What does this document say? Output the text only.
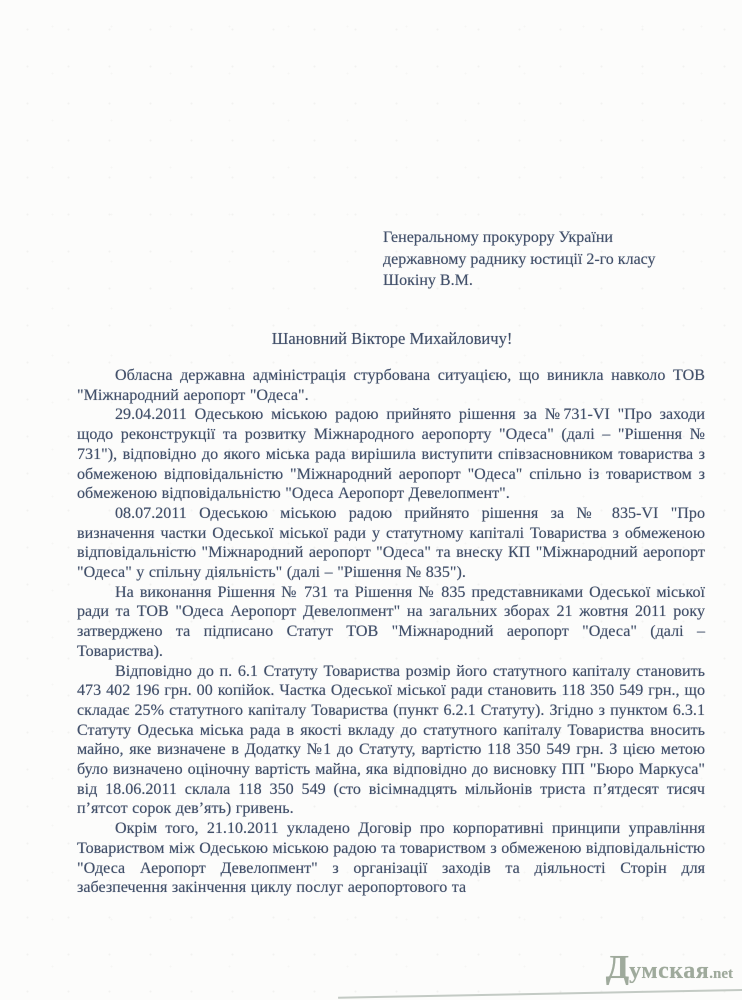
Генеральному прокурору України
державному раднику юстиції 2-го класу
Шокіну В.М.
Шановний Вікторе Михайловичу!

Обласна державна адміністрація стурбована ситуацією, що виникла навколо ТОВ "Міжнародний аеропорт "Одеса".

29.04.2011 Одеською міською радою прийнято рішення за №731-VI "Про заходи щодо реконструкції та розвитку Міжнародного аеропорту "Одеса" (далі – "Рішення № 731"), відповідно до якого міська рада вирішила виступити співзасновником товариства з обмеженою відповідальністю "Міжнародний аеропорт "Одеса" спільно із товариством з обмеженою відповідальністю "Одеса Аеропорт Девелопмент".

08.07.2011 Одеською міською радою прийнято рішення за № 835-VI "Про визначення частки Одеської міської ради у статутному капіталі Товариства з обмеженою відповідальністю "Міжнародний аеропорт "Одеса" та внеску КП "Міжнародний аеропорт "Одеса" у спільну діяльність" (далі – "Рішення № 835").

На виконання Рішення № 731 та Рішення № 835 представниками Одеської міської ради та ТОВ "Одеса Аеропорт Девелопмент" на загальних зборах 21 жовтня 2011 року затверджено та підписано Статут ТОВ "Міжнародний аеропорт "Одеса" (далі – Товариства).

Відповідно до п. 6.1 Статуту Товариства розмір його статутного капіталу становить 473 402 196 грн. 00 копійок. Частка Одеської міської ради становить 118 350 549 грн., що складає 25% статутного капіталу Товариства (пункт 6.2.1 Статуту). Згідно з пунктом 6.3.1 Статуту Одеська міська рада в якості вкладу до статутного капіталу Товариства вносить майно, яке визначене в Додатку №1 до Статуту, вартістю 118 350 549 грн. З цією метою було визначено оціночну вартість майна, яка відповідно до висновку ПП "Бюро Маркуса" від 18.06.2011 склала 118 350 549 (сто вісімнадцять мільйонів триста п’ятдесят тисяч п’ятсот сорок дев’ять) гривень.

Окрім того, 21.10.2011 укладено Договір про корпоративні принципи управління Товариством між Одеською міською радою та товариством з обмеженою відповідальністю "Одеса Аеропорт Девелопмент" з організації заходів та діяльності Сторін для забезпечення закінчення циклу послуг аеропортового та

Думская.net
